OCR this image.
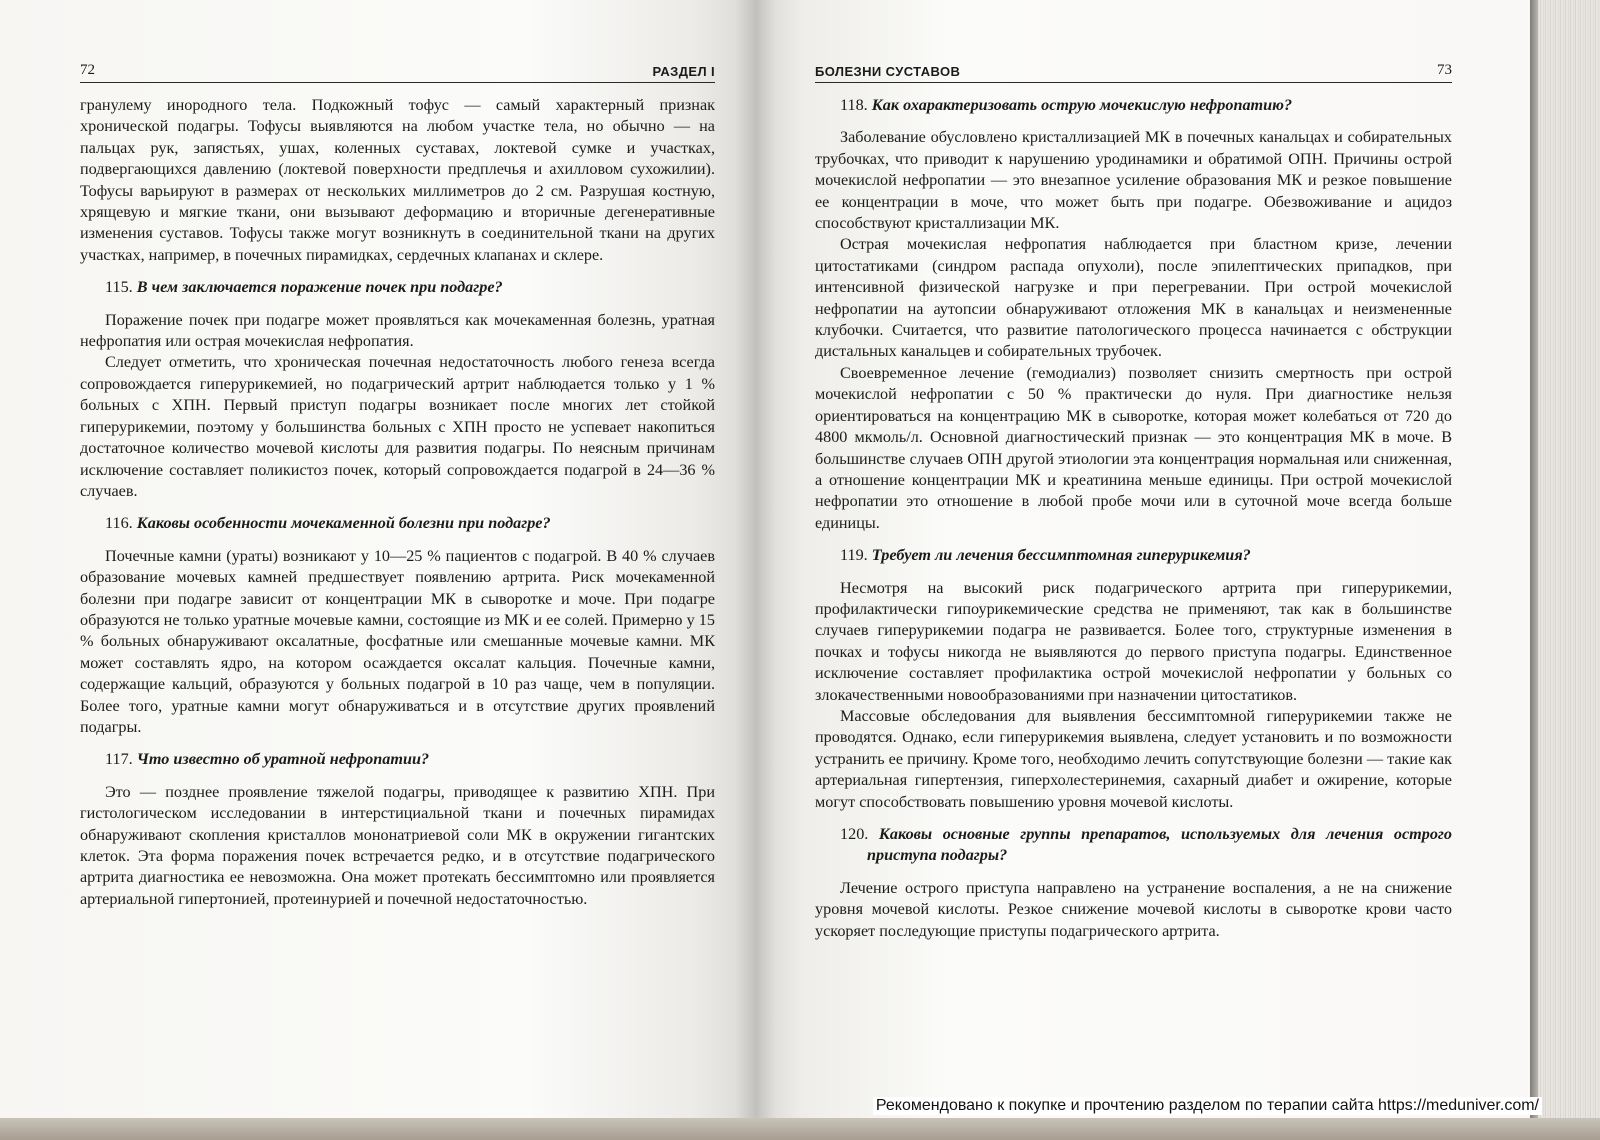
72	РАЗДЕЛ I

гранулему инородного тела. Подкожный тофус — самый характерный признак хронической подагры. Тофусы выявляются на любом участке тела, но обычно — на пальцах рук, запястьях, ушах, коленных суставах, локтевой сумке и участках, подвергающихся давлению (локтевой поверхности предплечья и ахилловом сухожилии). Тофусы варьируют в размерах от нескольких миллиметров до 2 см. Разрушая костную, хрящевую и мягкие ткани, они вызывают деформацию и вторичные дегенеративные изменения суставов. Тофусы также могут возникнуть в соединительной ткани на других участках, например, в почечных пирамидках, сердечных клапанах и склере.

115. В чем заключается поражение почек при подагре?

Поражение почек при подагре может проявляться как мочекаменная болезнь, уратная нефропатия или острая мочекислая нефропатия.

Следует отметить, что хроническая почечная недостаточность любого генеза всегда сопровождается гиперурикемией, но подагрический артрит наблюдается только у 1 % больных с ХПН. Первый приступ подагры возникает после многих лет стойкой гиперурикемии, поэтому у большинства больных с ХПН просто не успевает накопиться достаточное количество мочевой кислоты для развития подагры. По неясным причинам исключение составляет поликистоз почек, который сопровождается подагрой в 24—36 % случаев.

116. Каковы особенности мочекаменной болезни при подагре?

Почечные камни (ураты) возникают у 10—25 % пациентов с подагрой. В 40 % случаев образование мочевых камней предшествует появлению артрита. Риск мочекаменной болезни при подагре зависит от концентрации МК в сыворотке и моче. При подагре образуются не только уратные мочевые камни, состоящие из МК и ее солей. Примерно у 15 % больных обнаруживают оксалатные, фосфатные или смешанные мочевые камни. МК может составлять ядро, на котором осаждается оксалат кальция. Почечные камни, содержащие кальций, образуются у больных подагрой в 10 раз чаще, чем в популяции. Более того, уратные камни могут обнаруживаться и в отсутствие других проявлений подагры.

117. Что известно об уратной нефропатии?

Это — позднее проявление тяжелой подагры, приводящее к развитию ХПН. При гистологическом исследовании в интерстициальной ткани и почечных пирамидах обнаруживают скопления кристаллов мононатриевой соли МК в окружении гигантских клеток. Эта форма поражения почек встречается редко, и в отсутствие подагрического артрита диагностика ее невозможна. Она может протекать бессимптомно или проявляется артериальной гипертонией, протеинурией и почечной недостаточностью.

БОЛЕЗНИ СУСТАВОВ	73
118. Как охарактеризовать острую мочекислую нефропатию?

Заболевание обусловлено кристаллизацией МК в почечных канальцах и собирательных трубочках, что приводит к нарушению уродинамики и обратимой ОПН. Причины острой мочекислой нефропатии — это внезапное усиление образования МК и резкое повышение ее концентрации в моче, что может быть при подагре. Обезвоживание и ацидоз способствуют кристаллизации МК.

Острая мочекислая нефропатия наблюдается при бластном кризе, лечении цитостатиками (синдром распада опухоли), после эпилептических припадков, при интенсивной физической нагрузке и при перегревании. При острой мочекислой нефропатии на аутопсии обнаруживают отложения МК в канальцах и неизмененные клубочки. Считается, что развитие патологического процесса начинается с обструкции дистальных канальцев и собирательных трубочек.

Своевременное лечение (гемодиализ) позволяет снизить смертность при острой мочекислой нефропатии с 50 % практически до нуля. При диагностике нельзя ориентироваться на концентрацию МК в сыворотке, которая может колебаться от 720 до 4800 мкмоль/л. Основной диагностический признак — это концентрация МК в моче. В большинстве случаев ОПН другой этиологии эта концентрация нормальная или сниженная, а отношение концентрации МК и креатинина меньше единицы. При острой мочекислой нефропатии это отношение в любой пробе мочи или в суточной моче всегда больше единицы.

119. Требует ли лечения бессимптомная гиперурикемия?

Несмотря на высокий риск подагрического артрита при гиперурикемии, профилактически гипоурикемические средства не применяют, так как в большинстве случаев гиперурикемии подагра не развивается. Более того, структурные изменения в почках и тофусы никогда не выявляются до первого приступа подагры. Единственное исключение составляет профилактика острой мочекислой нефропатии у больных со злокачественными новообразованиями при назначении цитостатиков.

Массовые обследования для выявления бессимптомной гиперурикемии также не проводятся. Однако, если гиперурикемия выявлена, следует установить и по возможности устранить ее причину. Кроме того, необходимо лечить сопутствующие болезни — такие как артериальная гипертензия, гиперхолестеринемия, сахарный диабет и ожирение, которые могут способствовать повышению уровня мочевой кислоты.

120. Каковы основные группы препаратов, используемых для лечения острого приступа подагры?

Лечение острого приступа направлено на устранение воспаления, а не на снижение уровня мочевой кислоты. Резкое снижение мочевой кислоты в сыворотке крови часто ускоряет последующие приступы подагрического артрита.

Рекомендовано к покупке и прочтению разделом по терапии сайта https://meduniver.com/
